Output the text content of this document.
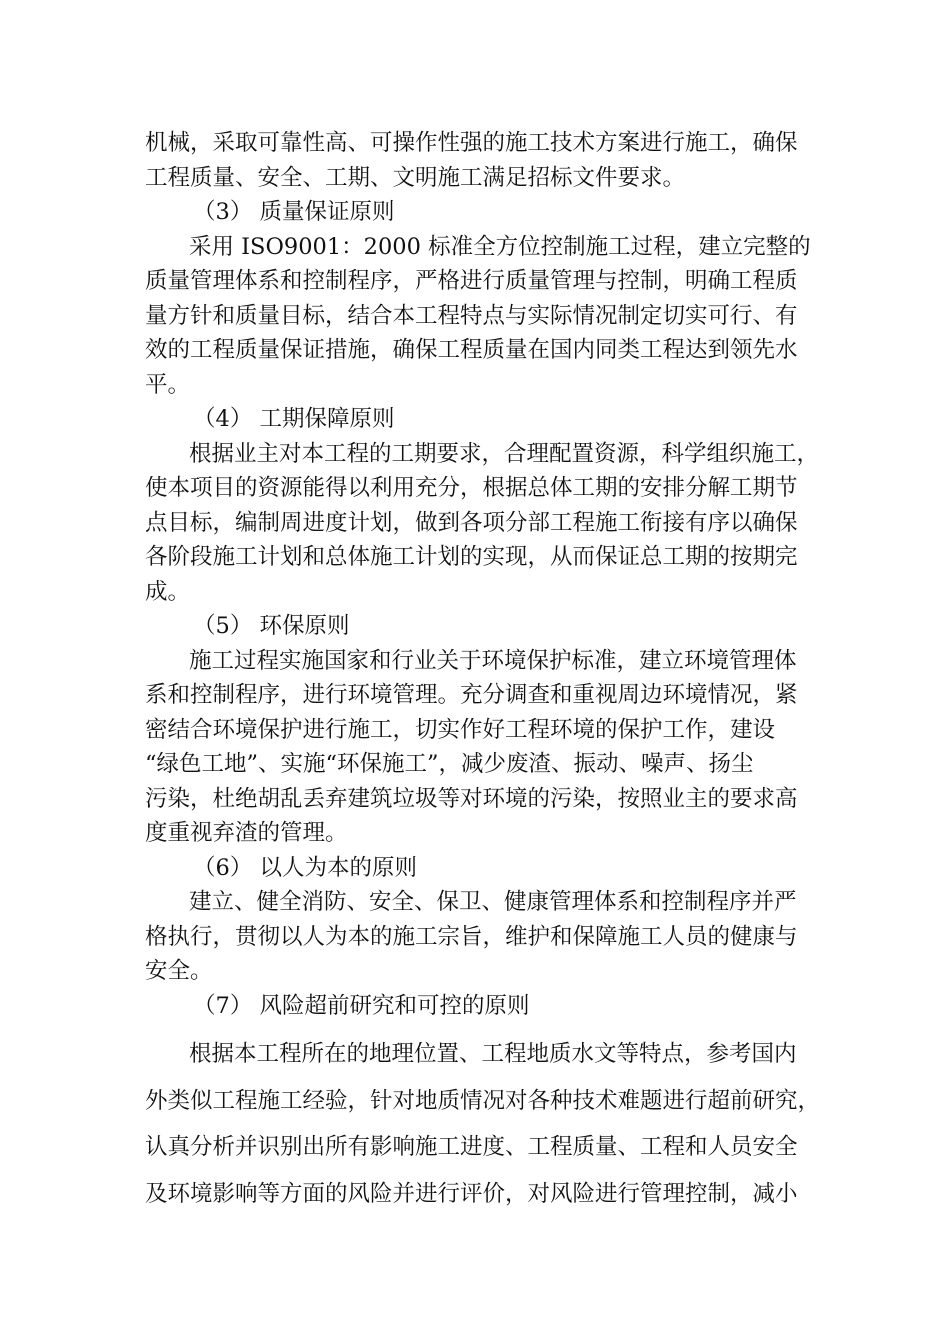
机械，采取可靠性高、可操作性强的施工技术方案进行施工，确保
工程质量、安全、工期、文明施工满足招标文件要求。
（3） 质量保证原则
采用 ISO9001：2000 标准全方位控制施工过程，建立完整的
质量管理体系和控制程序，严格进行质量管理与控制，明确工程质
量方针和质量目标，结合本工程特点与实际情况制定切实可行、有
效的工程质量保证措施，确保工程质量在国内同类工程达到领先水
平。
（4） 工期保障原则
根据业主对本工程的工期要求，合理配置资源，科学组织施工，
使本项目的资源能得以利用充分，根据总体工期的安排分解工期节
点目标，编制周进度计划，做到各项分部工程施工衔接有序以确保
各阶段施工计划和总体施工计划的实现，从而保证总工期的按期完
成。
（5） 环保原则
施工过程实施国家和行业关于环境保护标准，建立环境管理体
系和控制程序，进行环境管理。充分调查和重视周边环境情况，紧
密结合环境保护进行施工，切实作好工程环境的保护工作，建设
“绿色工地”、实施“环保施工”，减少废渣、振动、噪声、扬尘
污染，杜绝胡乱丢弃建筑垃圾等对环境的污染，按照业主的要求高
度重视弃渣的管理。
（6） 以人为本的原则
建立、健全消防、安全、保卫、健康管理体系和控制程序并严
格执行，贯彻以人为本的施工宗旨，维护和保障施工人员的健康与
安全。
（7） 风险超前研究和可控的原则
根据本工程所在的地理位置、工程地质水文等特点，参考国内
外类似工程施工经验，针对地质情况对各种技术难题进行超前研究，
认真分析并识别出所有影响施工进度、工程质量、工程和人员安全
及环境影响等方面的风险并进行评价，对风险进行管理控制，减小
